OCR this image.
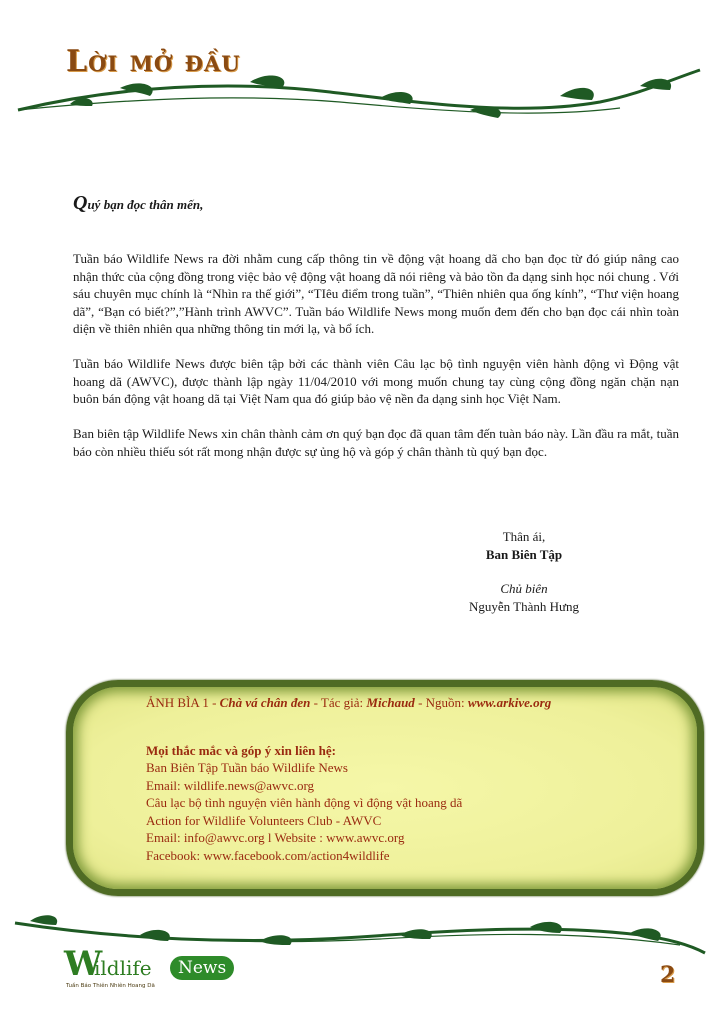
Lời mở đầu
Quý bạn đọc thân mến,

Tuần báo Wildlife News ra đời nhằm cung cấp thông tin về động vật hoang dã cho bạn đọc từ đó giúp nâng cao nhận thức của cộng đồng trong việc bảo vệ động vật hoang dã nói riêng và bảo tồn đa dạng sinh học nói chung . Với sáu chuyên mục chính là “Nhìn ra thế giới”, “TIêu điểm trong tuần”, “Thiên nhiên qua ống kính”, “Thư viện hoang dã”, “Bạn có biết?”,”Hành trình AWVC”. Tuần báo Wildlife News mong muốn đem đến cho bạn đọc cái nhìn toàn diện về thiên nhiên qua những thông tin mới lạ, và bổ ích.

Tuần báo Wildlife News được biên tập bởi các thành viên Câu lạc bộ tình nguyện viên hành động vì Động vật hoang dã (AWVC), được thành lập ngày 11/04/2010 với mong muốn chung tay cùng cộng đồng ngăn chặn nạn buôn bán động vật hoang dã tại Việt Nam qua đó giúp bảo vệ nền đa dạng sinh học Việt Nam.

Ban biên tập Wildlife News xin chân thành cảm ơn quý bạn đọc đã quan tâm đến tuàn báo này. Lần đầu ra mắt, tuần báo còn nhiều thiếu sót rất mong nhận được sự ủng hộ và góp ý chân thành tù quý bạn đọc.

Thân ái,
Ban Biên Tập
Chủ biên
Nguyễn Thành Hưng
ẢNH BÌA 1 - Chà vá chân đen - Tác giả: Michaud - Nguồn: www.arkive.org
Mọi thắc mắc và góp ý xin liên hệ:
Ban Biên Tập Tuần báo Wildlife News
Email: wildlife.news@awvc.org
Câu lạc bộ tình nguyện viên hành động vì động vật hoang dã
Action for Wildlife Volunteers Club - AWVC
Email: info@awvc.org l Website : www.awvc.org
Facebook: www.facebook.com/action4wildlife
W
ildlife	News
Tuần Báo Thiên Nhiên Hoang Dã	2
